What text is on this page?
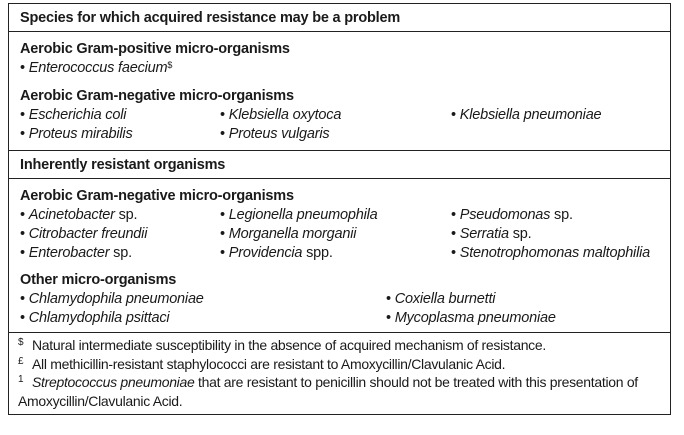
Species for which acquired resistance may be a problem
Aerobic Gram-positive micro-organisms
• Enterococcus faecium$
Aerobic Gram-negative micro-organisms
• Escherichia coli	• Klebsiella oxytoca	• Klebsiella pneumoniae
• Proteus mirabilis	• Proteus vulgaris
Inherently resistant organisms
Aerobic Gram-negative micro-organisms
• Acinetobacter sp.	• Legionella pneumophila	• Pseudomonas sp.
• Citrobacter freundii	• Morganella morganii	• Serratia sp.
• Enterobacter sp.	• Providencia spp.	• Stenotrophomonas maltophilia
Other micro-organisms
• Chlamydophila pneumoniae	• Coxiella burnetti
• Chlamydophila psittaci	• Mycoplasma pneumoniae
$ Natural intermediate susceptibility in the absence of acquired mechanism of resistance.
£ All methicillin-resistant staphylococci are resistant to Amoxycillin/Clavulanic Acid.
1 Streptococcus pneumoniae that are resistant to penicillin should not be treated with this presentation of
Amoxycillin/Clavulanic Acid.
